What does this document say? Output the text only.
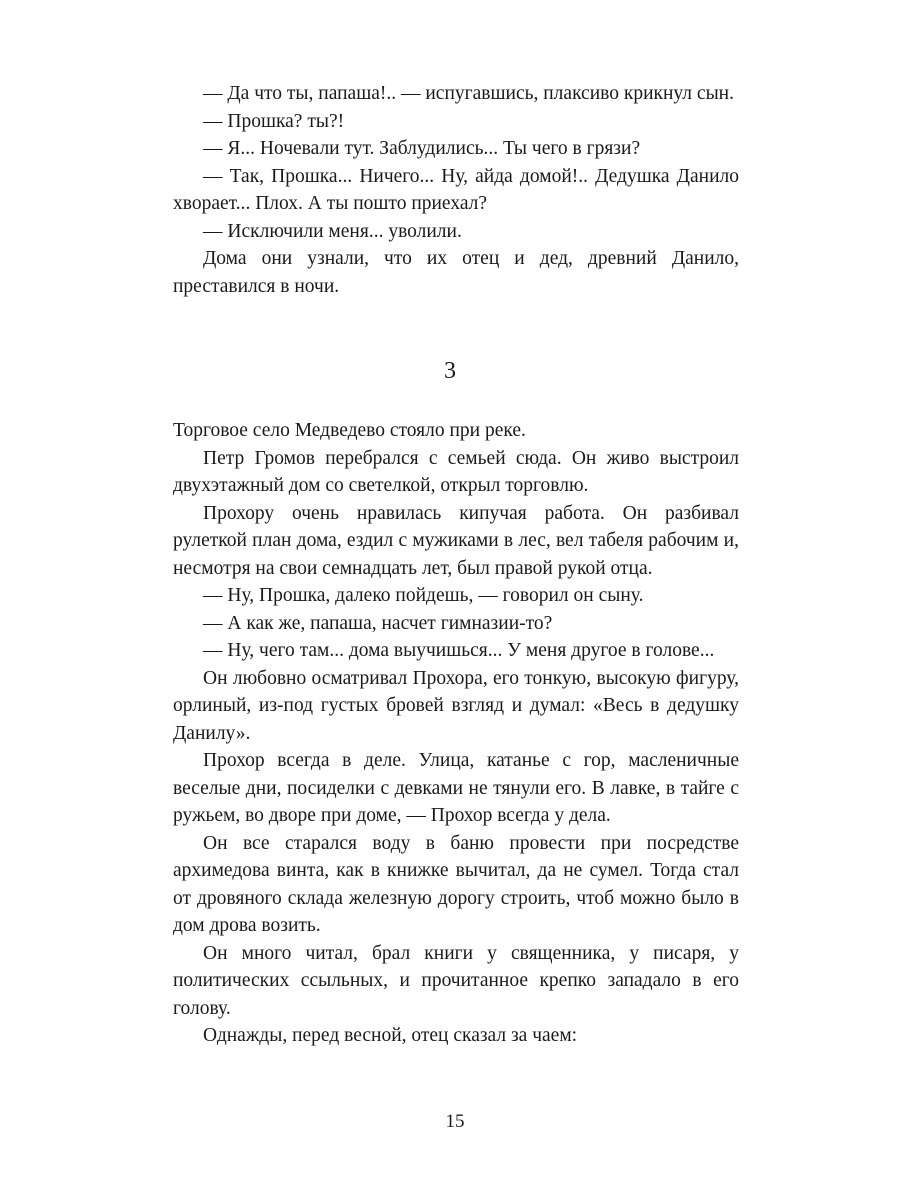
— Да что ты, папаша!.. — испугавшись, плаксиво крикнул сын.

— Прошка? ты?!

— Я... Ночевали тут. Заблудились... Ты чего в грязи?

— Так, Прошка... Ничего... Ну, айда домой!.. Дедушка Данило хворает... Плох. А ты пошто приехал?

— Исключили меня... уволили.

Дома они узнали, что их отец и дед, древний Данило, преставился в ночи.

3

Торговое село Медведево стояло при реке.

Петр Громов перебрался с семьей сюда. Он живо выстроил двухэтажный дом со светелкой, открыл торговлю.

Прохору очень нравилась кипучая работа. Он разбивал рулеткой план дома, ездил с мужиками в лес, вел табеля рабочим и, несмотря на свои семнадцать лет, был правой рукой отца.

— Ну, Прошка, далеко пойдешь, — говорил он сыну.

— А как же, папаша, насчет гимназии-то?

— Ну, чего там... дома выучишься... У меня другое в голове...

Он любовно осматривал Прохора, его тонкую, высокую фигуру, орлиный, из-под густых бровей взгляд и думал: «Весь в дедушку Данилу».

Прохор всегда в деле. Улица, катанье с гор, масленичные веселые дни, посиделки с девками не тянули его. В лавке, в тайге с ружьем, во дворе при доме, — Прохор всегда у дела.

Он все старался воду в баню провести при посредстве архимедова винта, как в книжке вычитал, да не сумел. Тогда стал от дровяного склада железную дорогу строить, чтоб можно было в дом дрова возить.

Он много читал, брал книги у священника, у писаря, у политических ссыльных, и прочитанное крепко западало в его голову.

Однажды, перед весной, отец сказал за чаем:

15
